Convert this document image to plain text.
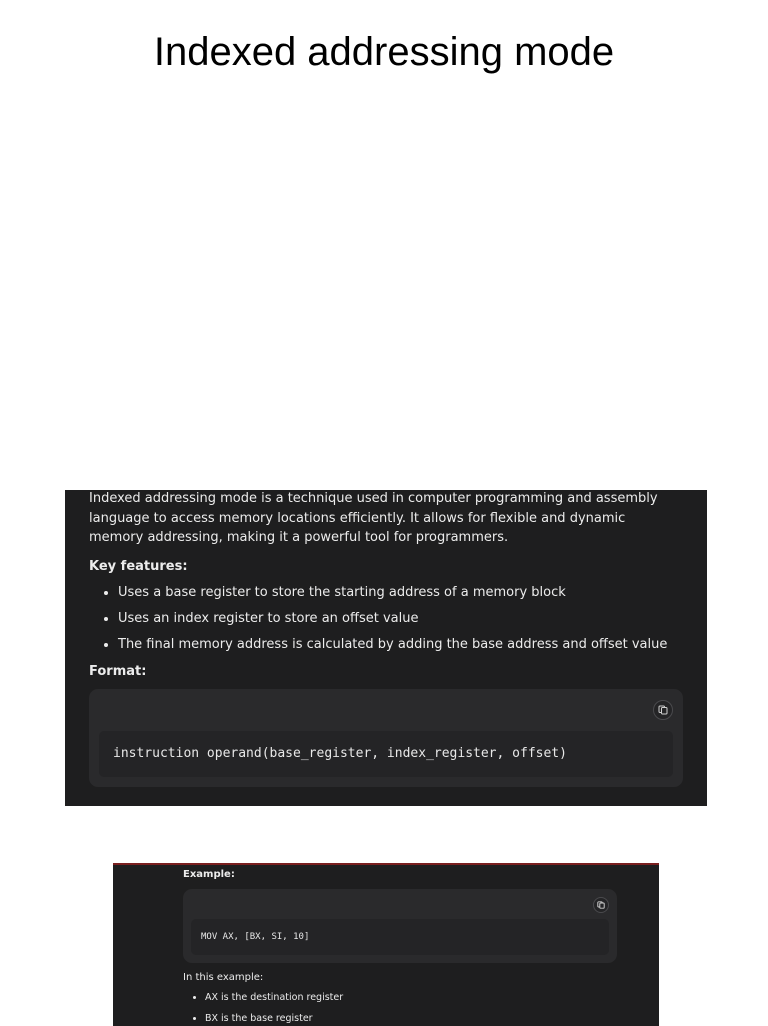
Indexed addressing mode

Indexed addressing mode is a technique used in computer programming and assembly language to access memory locations efficiently. It allows for flexible and dynamic memory addressing, making it a powerful tool for programmers.

Key features:
• Uses a base register to store the starting address of a memory block
• Uses an index register to store an offset value
• The final memory address is calculated by adding the base address and offset value
Format:
instruction operand(base_register, index_register, offset)
Example:
MOV AX, [BX, SI, 10]

In this example:

• AX is the destination register
• BX is the base register
